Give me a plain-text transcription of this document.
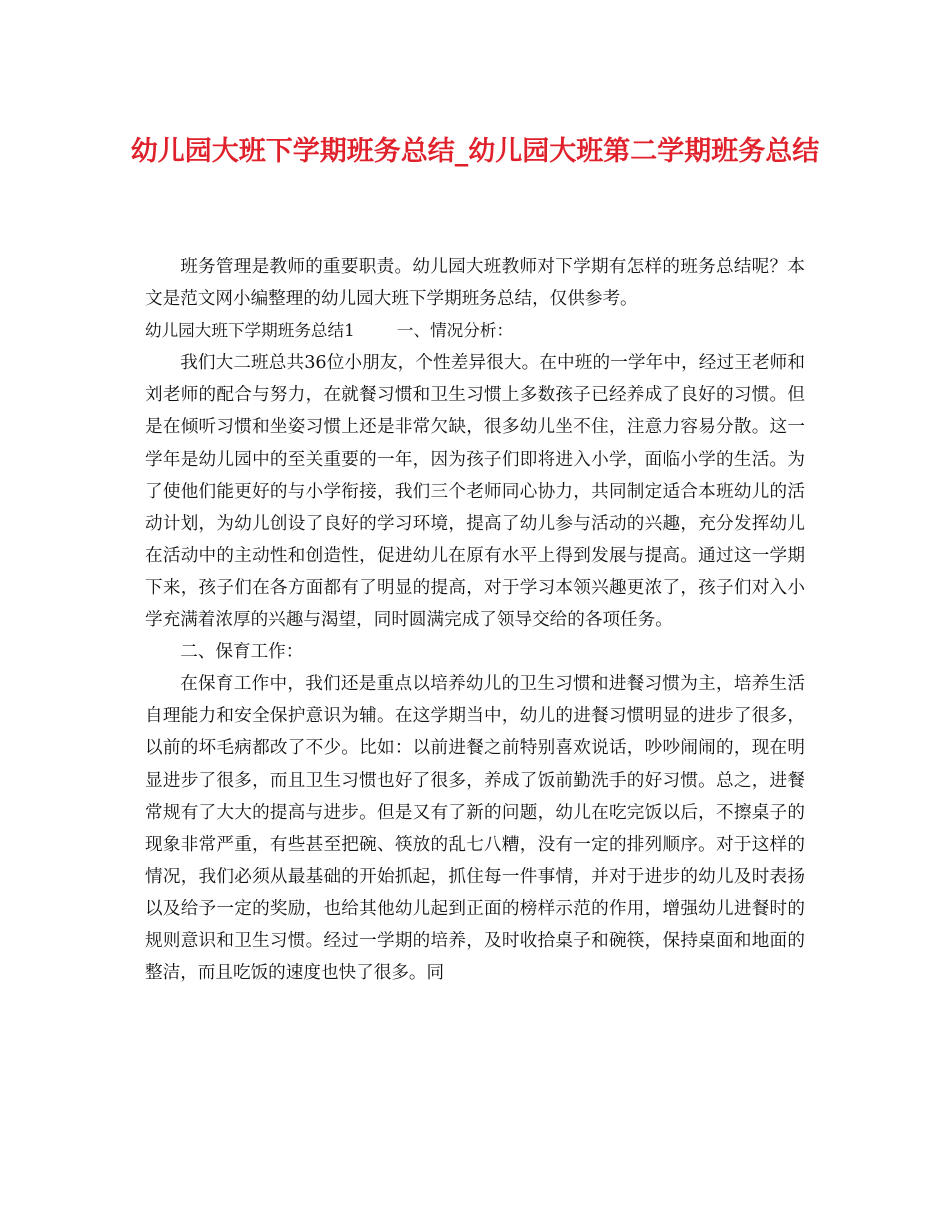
幼儿园大班下学期班务总结_幼儿园大班第二学期班务总结

班务管理是教师的重要职责。幼儿园大班教师对下学期有怎样的班务总结呢？本文是范文网小编整理的幼儿园大班下学期班务总结，仅供参考。

幼儿园大班下学期班务总结1	一、情况分析：

我们大二班总共36位小朋友，个性差异很大。在中班的一学年中，经过王老师和刘老师的配合与努力，在就餐习惯和卫生习惯上多数孩子已经养成了良好的习惯。但是在倾听习惯和坐姿习惯上还是非常欠缺，很多幼儿坐不住，注意力容易分散。这一学年是幼儿园中的至关重要的一年，因为孩子们即将进入小学，面临小学的生活。为了使他们能更好的与小学衔接，我们三个老师同心协力，共同制定适合本班幼儿的活动计划，为幼儿创设了良好的学习环境，提高了幼儿参与活动的兴趣，充分发挥幼儿在活动中的主动性和创造性，促进幼儿在原有水平上得到发展与提高。通过这一学期下来，孩子们在各方面都有了明显的提高，对于学习本领兴趣更浓了，孩子们对入小学充满着浓厚的兴趣与渴望，同时圆满完成了领导交给的各项任务。

二、保育工作：

在保育工作中，我们还是重点以培养幼儿的卫生习惯和进餐习惯为主，培养生活自理能力和安全保护意识为辅。在这学期当中，幼儿的进餐习惯明显的进步了很多，以前的坏毛病都改了不少。比如：以前进餐之前特别喜欢说话，吵吵闹闹的，现在明显进步了很多，而且卫生习惯也好了很多，养成了饭前勤洗手的好习惯。总之，进餐常规有了大大的提高与进步。但是又有了新的问题，幼儿在吃完饭以后，不擦桌子的现象非常严重，有些甚至把碗、筷放的乱七八糟，没有一定的排列顺序。对于这样的情况，我们必须从最基础的开始抓起，抓住每一件事情，并对于进步的幼儿及时表扬以及给予一定的奖励，也给其他幼儿起到正面的榜样示范的作用，增强幼儿进餐时的规则意识和卫生习惯。经过一学期的培养，及时收拾桌子和碗筷，保持桌面和地面的整洁，而且吃饭的速度也快了很多。同
